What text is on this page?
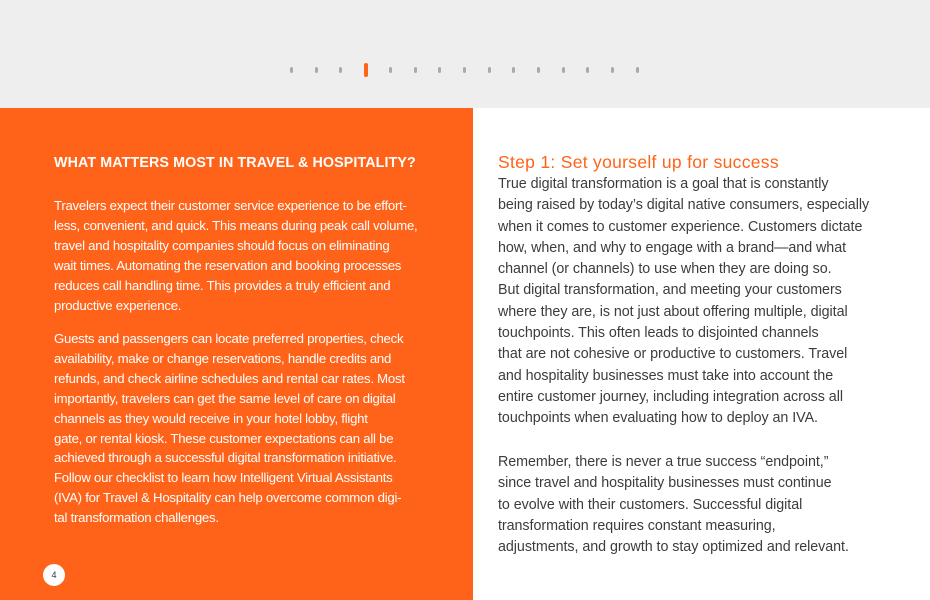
WHAT MATTERS MOST IN TRAVEL & HOSPITALITY?

Travelers expect their customer service experience to be effort-
less, convenient, and quick. This means during peak call volume,
travel and hospitality companies should focus on eliminating
wait times. Automating the reservation and booking processes
reduces call handling time. This provides a truly efficient and
productive experience.

Guests and passengers can locate preferred properties, check
availability, make or change reservations, handle credits and
refunds, and check airline schedules and rental car rates. Most
importantly, travelers can get the same level of care on digital
channels as they would receive in your hotel lobby, flight
gate, or rental kiosk. These customer expectations can all be
achieved through a successful digital transformation initiative.
Follow our checklist to learn how Intelligent Virtual Assistants
(IVA) for Travel & Hospitality can help overcome common digi-
tal transformation challenges.

4
Step 1: Set yourself up for success

True digital transformation is a goal that is constantly
being raised by today’s digital native consumers, especially
when it comes to customer experience. Customers dictate
how, when, and why to engage with a brand—and what
channel (or channels) to use when they are doing so.
But digital transformation, and meeting your customers
where they are, is not just about offering multiple, digital
touchpoints. This often leads to disjointed channels
that are not cohesive or productive to customers. Travel
and hospitality businesses must take into account the
entire customer journey, including integration across all
touchpoints when evaluating how to deploy an IVA.

Remember, there is never a true success “endpoint,”
since travel and hospitality businesses must continue
to evolve with their customers. Successful digital
transformation requires constant measuring,
adjustments, and growth to stay optimized and relevant.
